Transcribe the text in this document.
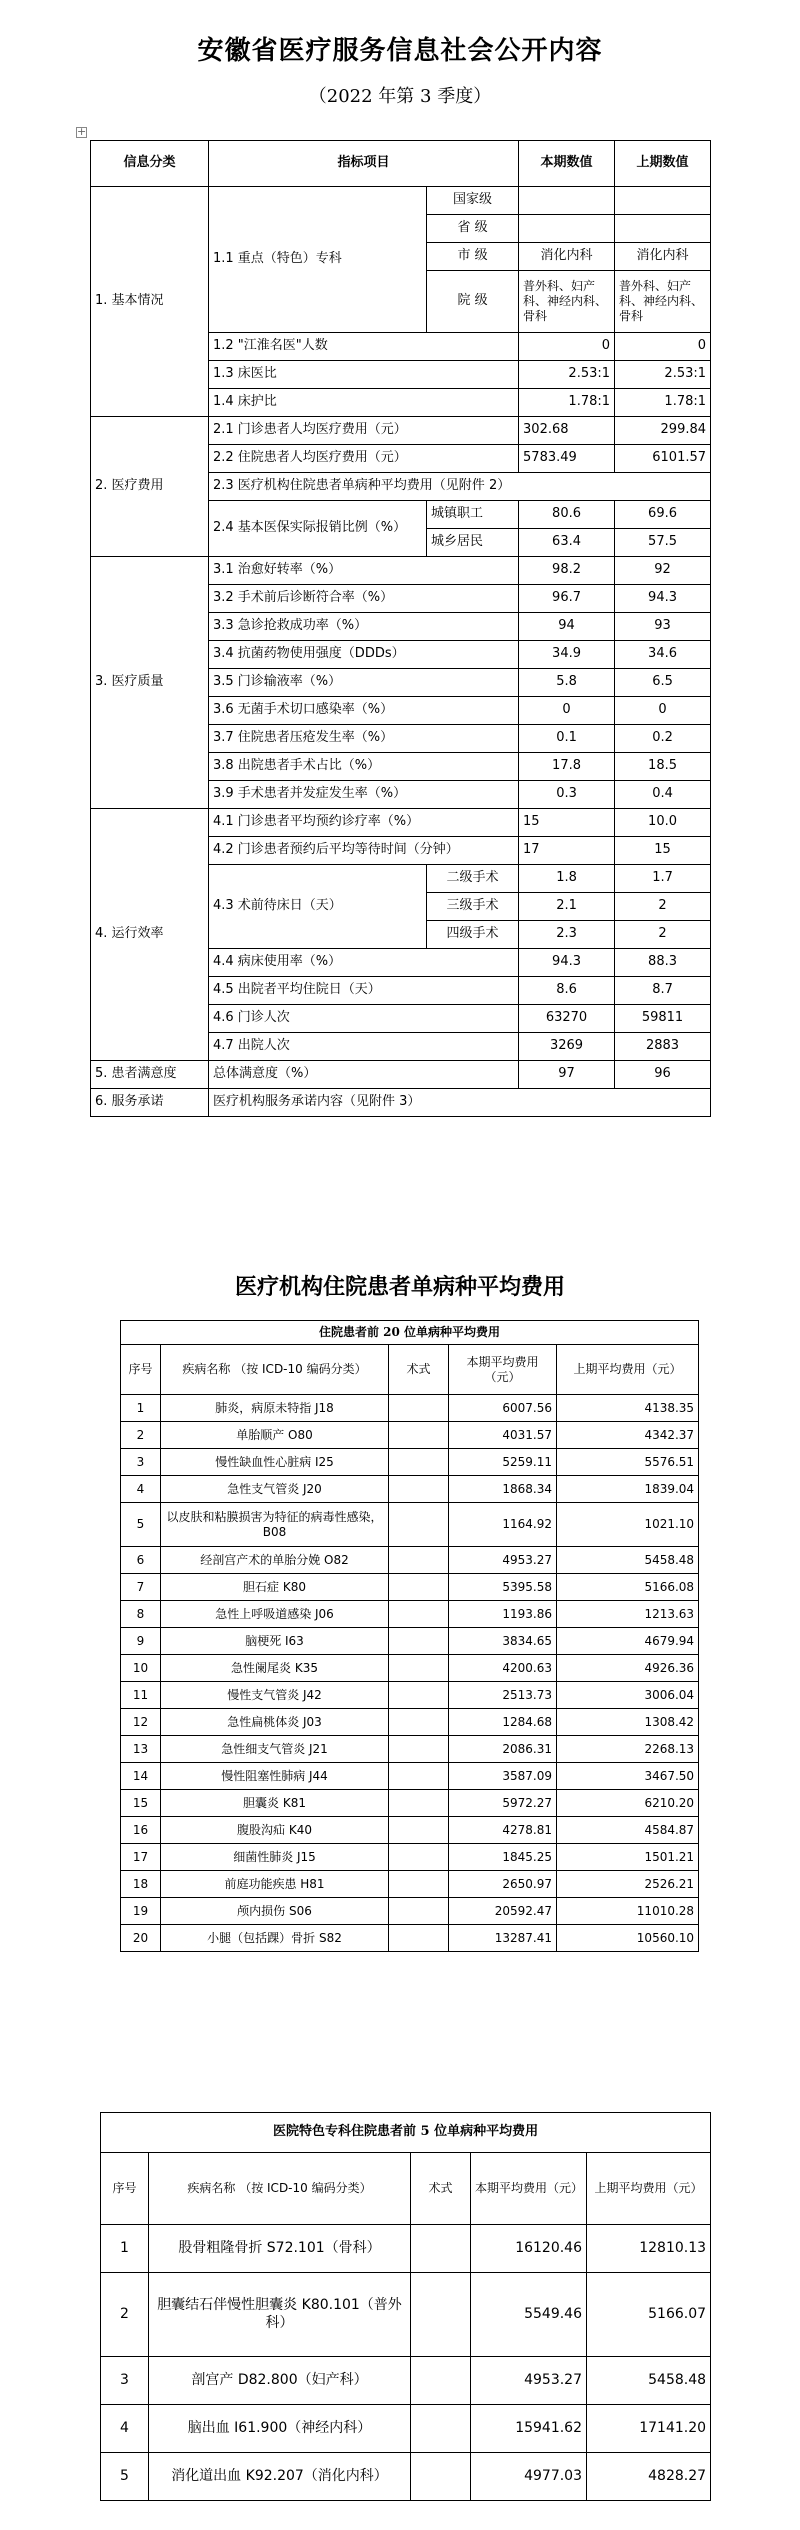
安徽省医疗服务信息社会公开内容
（2022 年第 3 季度）
+
信息分类	指标项目		本期数值	上期数值
1. 基本情况	1.1 重点（特色）专科	国家级		
		省 级		
		市 级	消化内科	消化内科
		院 级	普外科、妇产科、神经内科、骨科	普外科、妇产科、神经内科、骨科
	1.2 "江淮名医"人数		0	0
	1.3 床医比		2.53:1	2.53:1
	1.4 床护比		1.78:1	1.78:1
2. 医疗费用	2.1 门诊患者人均医疗费用（元）		302.68	299.84
	2.2 住院患者人均医疗费用（元）		5783.49	6101.57
	2.3 医疗机构住院患者单病种平均费用（见附件 2）			
	2.4 基本医保实际报销比例（%）	城镇职工	80.6	69.6
		城乡居民	63.4	57.5
3. 医疗质量	3.1 治愈好转率（%）		98.2	92
	3.2 手术前后诊断符合率（%）		96.7	94.3
	3.3 急诊抢救成功率（%）		94	93
	3.4 抗菌药物使用强度（DDDs）		34.9	34.6
	3.5 门诊输液率（%）		5.8	6.5
	3.6 无菌手术切口感染率（%）		0	0
	3.7 住院患者压疮发生率（%）		0.1	0.2
	3.8 出院患者手术占比（%）		17.8	18.5
	3.9 手术患者并发症发生率（%）		0.3	0.4
4. 运行效率	4.1 门诊患者平均预约诊疗率（%）		15	10.0
	4.2 门诊患者预约后平均等待时间（分钟）		17	15
	4.3 术前待床日（天）	二级手术	1.8	1.7
		三级手术	2.1	2
		四级手术	2.3	2
	4.4 病床使用率（%）		94.3	88.3
	4.5 出院者平均住院日（天）		8.6	8.7
	4.6 门诊人次		63270	59811
	4.7 出院人次		3269	2883
5. 患者满意度	总体满意度（%）		97	96
6. 服务承诺	医疗机构服务承诺内容（见附件 3）			
医疗机构住院患者单病种平均费用
住院患者前 20 位单病种平均费用				
序号	疾病名称 （按 ICD-10 编码分类）	术式	本期平均费用（元）	上期平均费用（元）
1	肺炎，病原未特指 J18		6007.56	4138.35
2	单胎顺产 O80		4031.57	4342.37
3	慢性缺血性心脏病 I25		5259.11	5576.51
4	急性支气管炎 J20		1868.34	1839.04
5	以皮肤和粘膜损害为特征的病毒性感染，B08		1164.92	1021.10
6	经剖宫产术的单胎分娩 O82		4953.27	5458.48
7	胆石症 K80		5395.58	5166.08
8	急性上呼吸道感染 J06		1193.86	1213.63
9	脑梗死 I63		3834.65	4679.94
10	急性阑尾炎 K35		4200.63	4926.36
11	慢性支气管炎 J42		2513.73	3006.04
12	急性扁桃体炎 J03		1284.68	1308.42
13	急性细支气管炎 J21		2086.31	2268.13
14	慢性阻塞性肺病 J44		3587.09	3467.50
15	胆囊炎 K81		5972.27	6210.20
16	腹股沟疝 K40		4278.81	4584.87
17	细菌性肺炎 J15		1845.25	1501.21
18	前庭功能疾患 H81		2650.97	2526.21
19	颅内损伤 S06		20592.47	11010.28
20	小腿（包括踝）骨折 S82		13287.41	10560.10
医院特色专科住院患者前 5 位单病种平均费用				
序号	疾病名称 （按 ICD-10 编码分类）	术式	本期平均费用（元）	上期平均费用（元）
1	股骨粗隆骨折 S72.101（骨科）		16120.46	12810.13
2	胆囊结石伴慢性胆囊炎 K80.101（普外科）		5549.46	5166.07
3	剖宫产 D82.800（妇产科）		4953.27	5458.48
4	脑出血 I61.900（神经内科）		15941.62	17141.20
5	消化道出血 K92.207（消化内科）		4977.03	4828.27
